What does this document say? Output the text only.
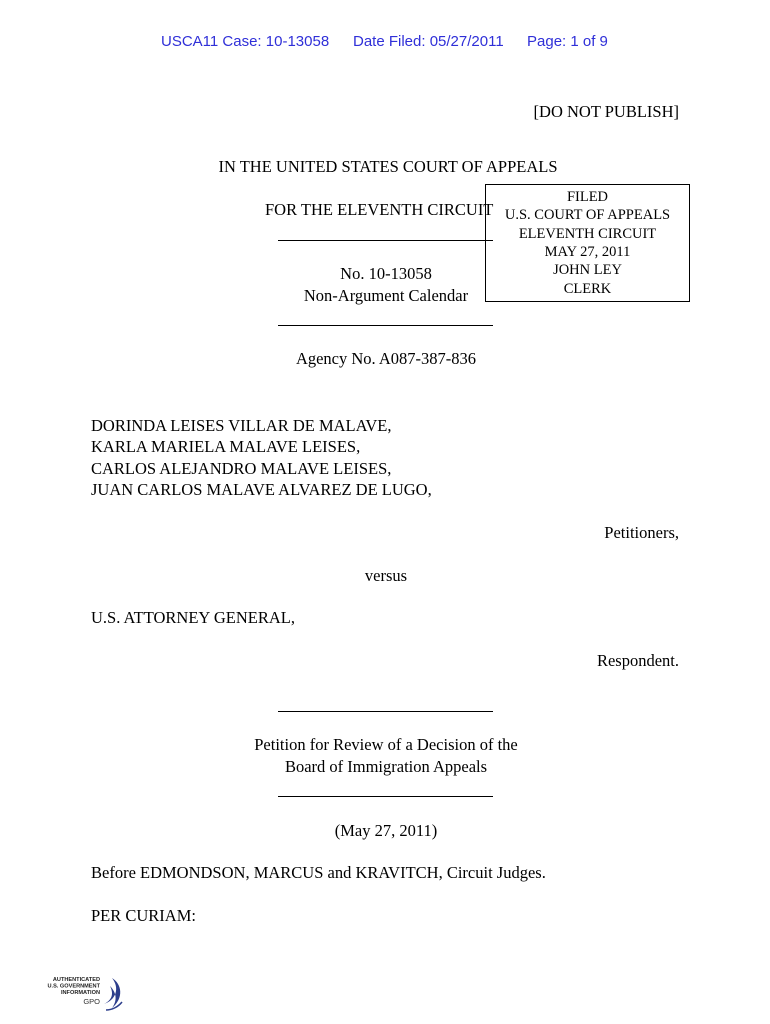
USCA11 Case: 10-13058 Date Filed: 05/27/2011 Page: 1 of 9
[DO NOT PUBLISH]
IN THE UNITED STATES COURT OF APPEALS
FOR THE ELEVENTH CIRCUIT
FILED
U.S. COURT OF APPEALS
ELEVENTH CIRCUIT
MAY 27, 2011
JOHN LEY
CLERK
No. 10-13058
Non-Argument Calendar
Agency No. A087-387-836
DORINDA LEISES VILLAR DE MALAVE,
KARLA MARIELA MALAVE LEISES,
CARLOS ALEJANDRO MALAVE LEISES,
JUAN CARLOS MALAVE ALVAREZ DE LUGO,
Petitioners,
versus
U.S. ATTORNEY GENERAL,
Respondent.
Petition for Review of a Decision of the
Board of Immigration Appeals
(May 27, 2011)
Before EDMONDSON, MARCUS and KRAVITCH, Circuit Judges.
PER CURIAM:
AUTHENTICATED
U.S. GOVERNMENT
INFORMATION
GPO
